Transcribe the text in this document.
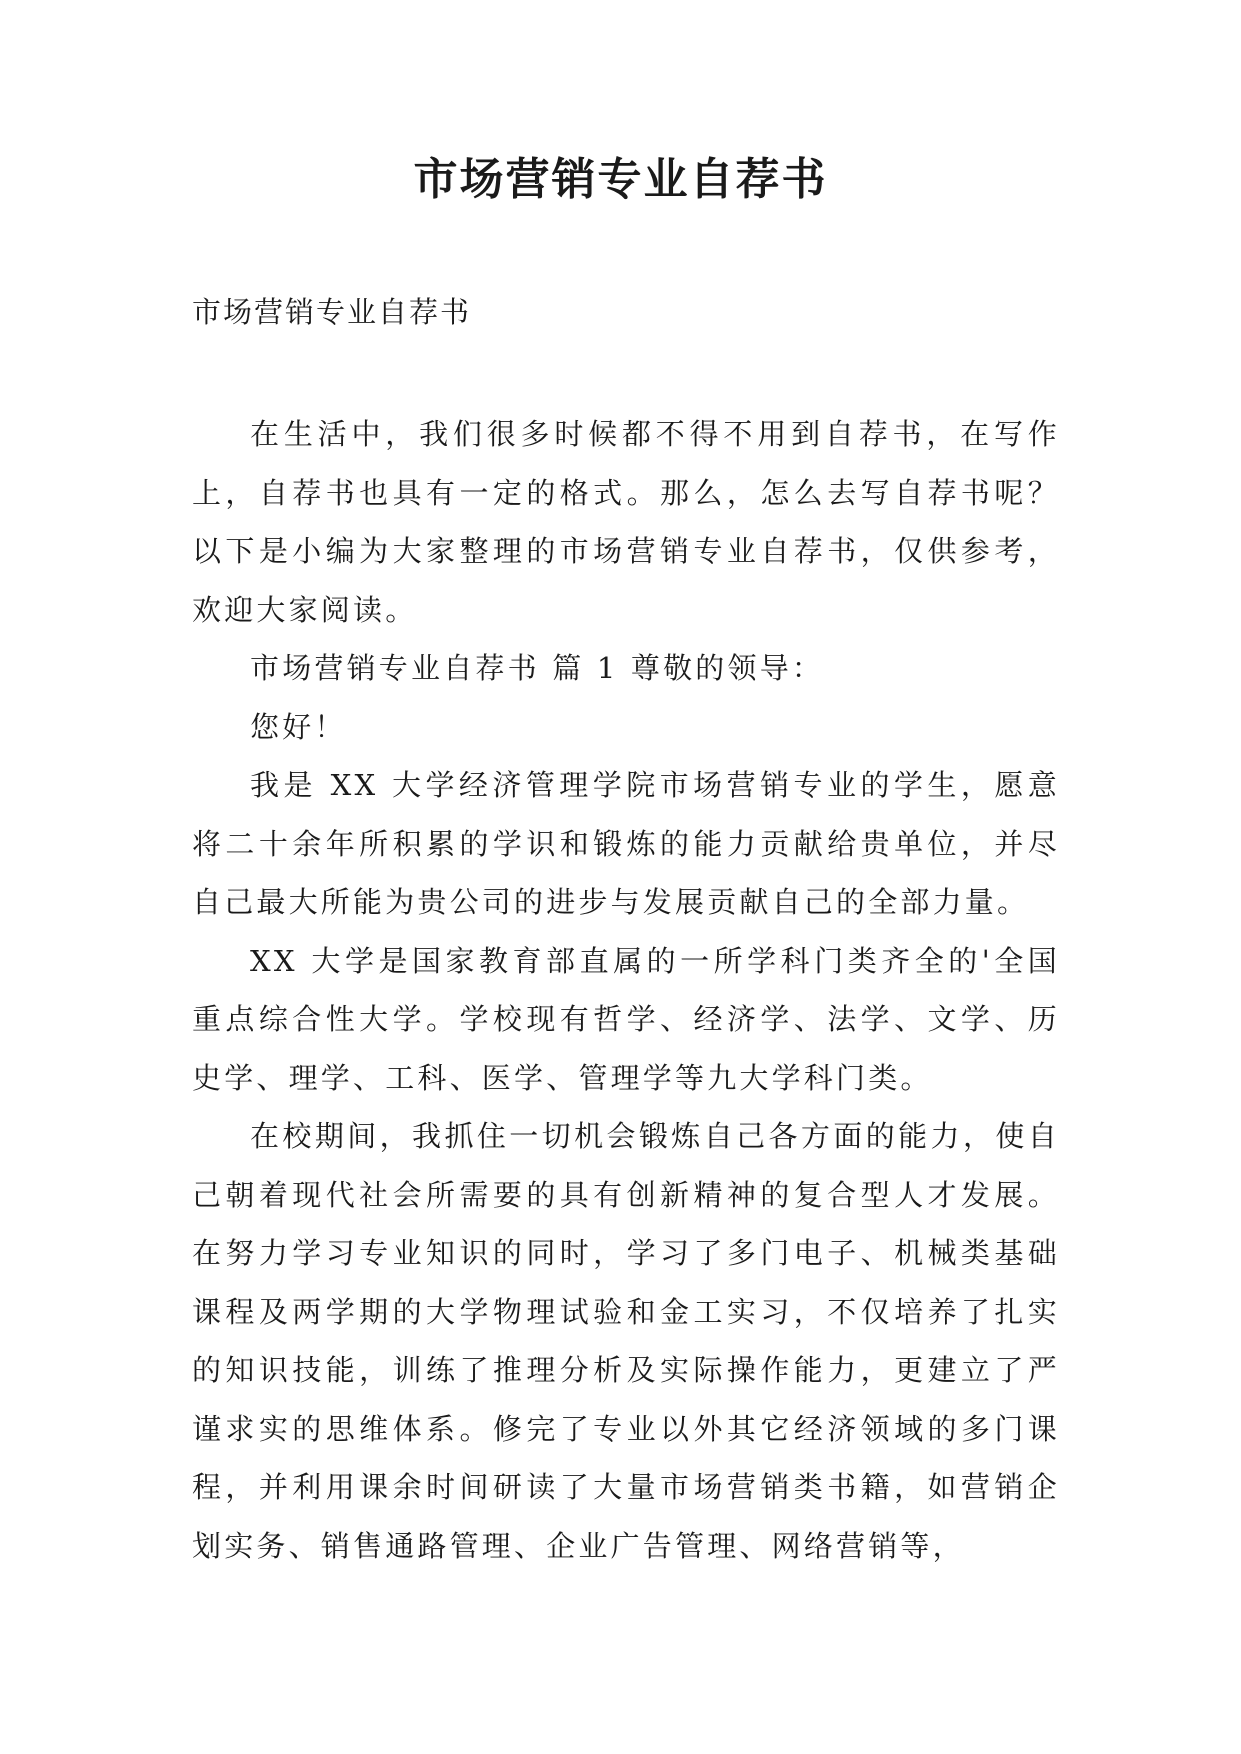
市场营销专业自荐书
市场营销专业自荐书

在生活中，我们很多时候都不得不用到自荐书，在写作上，自荐书也具有一定的格式。那么，怎么去写自荐书呢？以下是小编为大家整理的市场营销专业自荐书，仅供参考，欢迎大家阅读。

市场营销专业自荐书 篇 1 尊敬的领导：

您好！

我是 XX 大学经济管理学院市场营销专业的学生，愿意将二十余年所积累的学识和锻炼的能力贡献给贵单位，并尽自己最大所能为贵公司的进步与发展贡献自己的全部力量。

XX 大学是国家教育部直属的一所学科门类齐全的'全国重点综合性大学。学校现有哲学、经济学、法学、文学、历史学、理学、工科、医学、管理学等九大学科门类。

在校期间，我抓住一切机会锻炼自己各方面的能力，使自己朝着现代社会所需要的具有创新精神的复合型人才发展。在努力学习专业知识的同时，学习了多门电子、机械类基础课程及两学期的大学物理试验和金工实习，不仅培养了扎实的知识技能，训练了推理分析及实际操作能力，更建立了严谨求实的思维体系。修完了专业以外其它经济领域的多门课程，并利用课余时间研读了大量市场营销类书籍，如营销企划实务、销售通路管理、企业广告管理、网络营销等，
